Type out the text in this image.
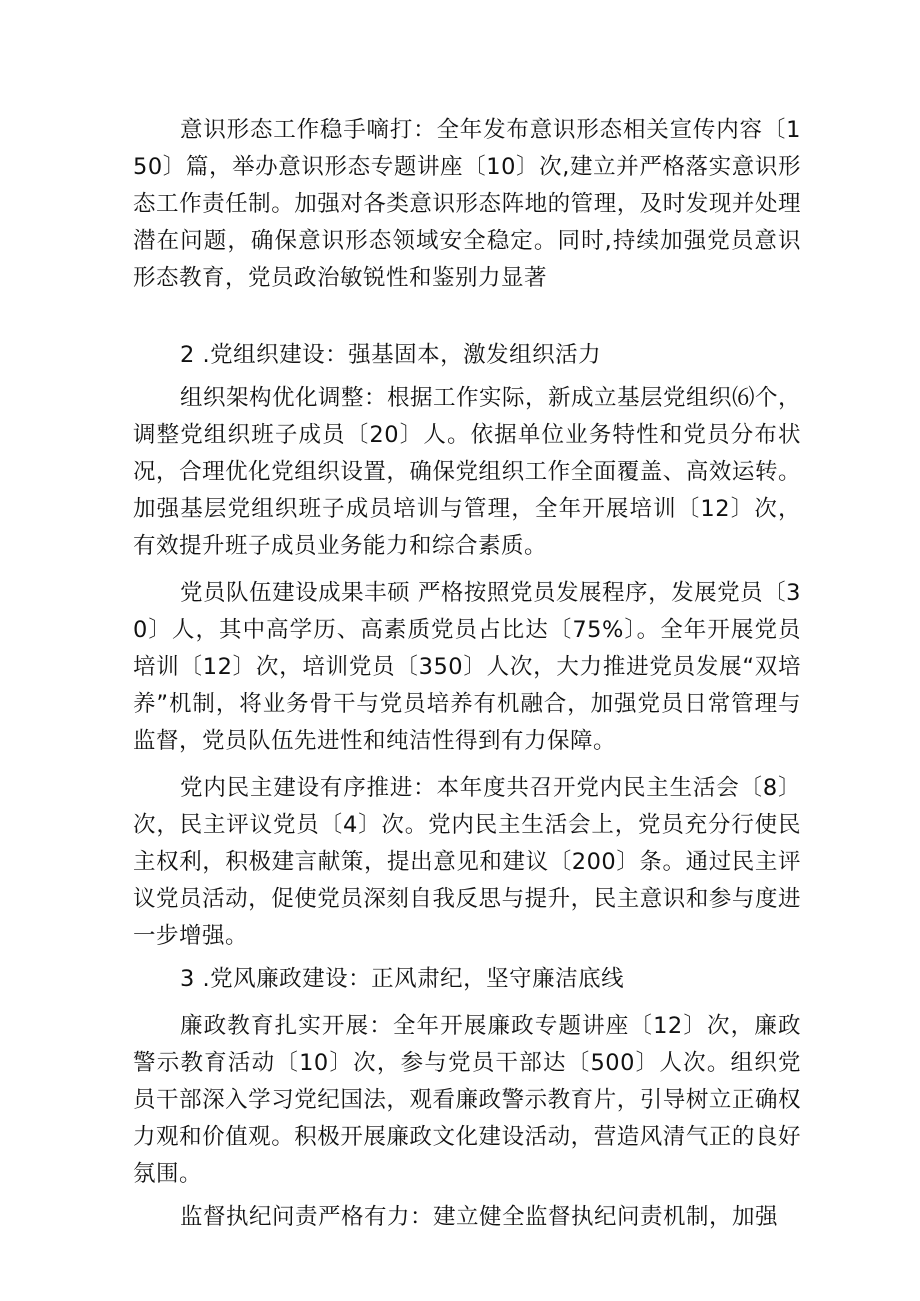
意识形态工作稳手嘀打：全年发布意识形态相关宣传内容〔150〕篇，举办意识形态专题讲座〔10〕次,建立并严格落实意识形态工作责任制。加强对各类意识形态阵地的管理，及时发现并处理潜在问题，确保意识形态领域安全稳定。同时,持续加强党员意识形态教育，党员政治敏锐性和鉴别力显著

2 .党组织建设：强基固本，激发组织活力

组织架构优化调整：根据工作实际，新成立基层党组织⑹个，调整党组织班子成员〔20〕人。依据单位业务特性和党员分布状况，合理优化党组织设置，确保党组织工作全面覆盖、高效运转。加强基层党组织班子成员培训与管理，全年开展培训〔12〕次，有效提升班子成员业务能力和综合素质。

党员队伍建设成果丰硕 严格按照党员发展程序，发展党员〔30〕人，其中高学历、高素质党员占比达〔75%〕。全年开展党员培训〔12〕次，培训党员〔350〕人次，大力推进党员发展“双培养”机制，将业务骨干与党员培养有机融合，加强党员日常管理与监督，党员队伍先进性和纯洁性得到有力保障。

党内民主建设有序推进：本年度共召开党内民主生活会〔8〕次，民主评议党员〔4〕次。党内民主生活会上，党员充分行使民主权利，积极建言献策，提出意见和建议〔200〕条。通过民主评议党员活动，促使党员深刻自我反思与提升，民主意识和参与度进一步增强。

3 .党风廉政建设：正风肃纪，坚守廉洁底线

廉政教育扎实开展：全年开展廉政专题讲座〔12〕次，廉政警示教育活动〔10〕次，参与党员干部达〔500〕人次。组织党员干部深入学习党纪国法，观看廉政警示教育片，引导树立正确权力观和价值观。积极开展廉政文化建设活动，营造风清气正的良好氛围。

监督执纪问责严格有力：建立健全监督执纪问责机制，加强
